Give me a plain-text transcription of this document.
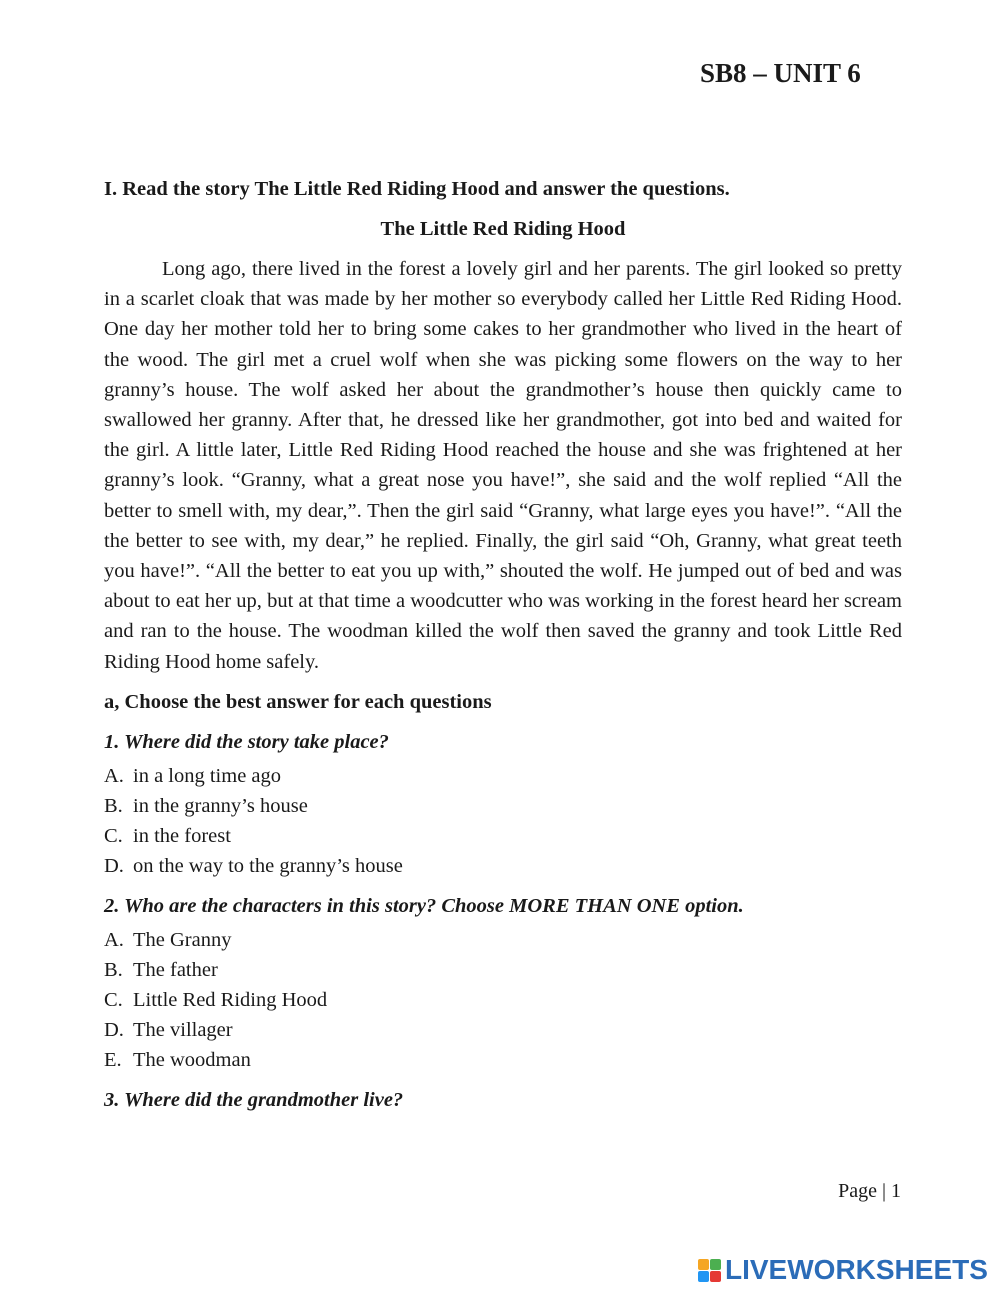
SB8 – UNIT 6

I. Read the story The Little Red Riding Hood and answer the questions.

The Little Red Riding Hood

Long ago, there lived in the forest a lovely girl and her parents. The girl looked so pretty in a scarlet cloak that was made by her mother so everybody called her Little Red Riding Hood. One day her mother told her to bring some cakes to her grandmother who lived in the heart of the wood. The girl met a cruel wolf when she was picking some flowers on the way to her granny’s house. The wolf asked her about the grandmother’s house then quickly came to swallowed her granny. After that, he dressed like her grandmother, got into bed and waited for the girl. A little later, Little Red Riding Hood reached the house and she was frightened at her granny’s look. “Granny, what a great nose you have!”, she said and the wolf replied “All the better to smell with, my dear,”. Then the girl said “Granny, what large eyes you have!”. “All the the better to see with, my dear,” he replied. Finally, the girl said “Oh, Granny, what great teeth you have!”. “All the better to eat you up with,” shouted the wolf. He jumped out of bed and was about to eat her up, but at that time a woodcutter who was working in the forest heard her scream and ran to the house. The woodman killed the wolf then saved the granny and took Little Red Riding Hood home safely.

a, Choose the best answer for each questions

1. Where did the story take place?

A. in a long time ago
B. in the granny’s house
C. in the forest
D. on the way to the granny’s house

2. Who are the characters in this story? Choose MORE THAN ONE option.

A. The Granny
B. The father
C. Little Red Riding Hood
D. The villager
E. The woodman

3. Where did the grandmother live?

Page | 1
LIVEWORKSHEETS
